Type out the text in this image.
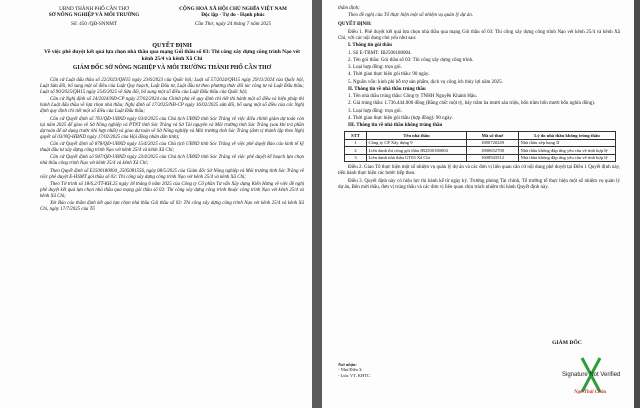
UBND THÀNH PHỐ CẦN THƠ
SỞ NÔNG NGHIỆP VÀ MÔI TRƯỜNG
Số: 450 /QĐ-SNNMT
CỘNG HOÀ XÃ HỘI CHỦ NGHĨA VIỆT NAM
Độc lập - Tự do - Hạnh phúc
Cần Thơ, ngày 24 tháng 7 năm 2025
QUYẾT ĐỊNH
Về việc phê duyệt kết quả lựa chọn nhà thầu qua mạng Gói thầu số 03: Thi công xây dựng công trình Nạo vét kênh 25/4 và kênh Xã Chi
GIÁM ĐỐC SỞ NÔNG NGHIỆP VÀ MÔI TRƯỜNG THÀNH PHỐ CẦN THƠ

Căn cứ Luật đấu thầu số 22/2023/QH15 ngày 23/6/2023 của Quốc hội; Luật số 57/2024/QH15 ngày 29/11/2024 của Quốc hội, Luật Sửa đổi, bổ sung một số điều của Luật Quy hoạch, Luật Đầu tư, Luật đầu tư theo phương thức đối tác công tư và Luật Đấu thầu; Luật số 90/2025/QH15 ngày 25/6/2025 về Sửa đổi, bổ sung một số điều của Luật Đấu thầu của Quốc hội;

Căn cứ Nghị định số 24/2024/NĐ-CP ngày 27/02/2024 của Chính phủ về quy định chi tiết thi hành một số điều và biện pháp thi hành Luật đấu thầu về lựa chọn nhà thầu; Nghị định số 17/2025/NĐ-CP ngày 16/02/2025 sửa đổi, bổ sung một số điều của các Nghị định quy định chi tiết một số điều của Luật Đấu thầu;

Căn cứ Quyết định số 761/QĐ-UBND ngày 03/4/2025 của Chủ tịch UBND tỉnh Sóc Trăng về việc điều chỉnh giảm dự toán còn lại năm 2025 để giao về Sở Nông nghiệp và PTNT tỉnh Sóc Trăng và Sở Tài nguyên và Môi trường tỉnh Sóc Trăng (sau khi trả phần dự toán để sử dụng trước khi hợp nhất) và giao dự toán về Sở Nông nghiệp và Môi trường tỉnh Sóc Trăng (đơn vị thành lập theo Nghị quyết số 03/NQ-HĐND ngày 17/02/2025 của Hội đồng nhân dân tỉnh);

Căn cứ Quyết định số 878/QĐ-UBND ngày 15/4/2025 của Chủ tịch UBND tỉnh Sóc Trăng về việc phê duyệt Báo cáo kinh tế kỹ thuật đầu tư xây dựng công trình Nạo vét kênh 25/4 và kênh Xã Chi;

Căn cứ Quyết định số 947/QĐ-UBND ngày 23/4/2025 của Chủ tịch UBND tỉnh Sóc Trăng về việc phê duyệt kế hoạch lựa chọn nhà thầu công trình Nạo vét kênh 25/4 và kênh Xã Chi;

Theo Quyết định số E2500180004_2505081556, ngày 08/5/2025 của Giám đốc Sở Nông nghiệp và Môi trường tỉnh Sóc Trăng về việc phê duyệt E-HSMT gói thầu số 03: Thi công xây dựng công trình Nạo vét kênh 25/4 và kênh Xã Chi;

Theo Tờ trình số 18/6.2/TT-KH.25 ngày 18 tháng 6 năm 2025 của Công ty Cổ phần Tư vấn Xây dựng Kiến Hưng về việc đề nghị phê duyệt kết quả lựa chọn nhà thầu qua mạng gói thầu số 03: Thi công xây dựng công trình thuộc công trình Nạo vét kênh 25/4 và kênh Xã Chi;

Xét Báo cáo thẩm định kết quả lựa chọn nhà thầu Gói thầu số 03: Thi công xây dựng công trình Nạo vét kênh 25/4 và kênh Xã Chi, ngày 17/7/2025 của Tổ

thẩm định;

Theo đề nghị của Tổ thực hiện một số nhiệm vụ quản lý dự án.

QUYẾT ĐỊNH:

Điều 1. Phê duyệt kết quả lựa chọn nhà thầu qua mạng Gói thầu số 03: Thi công xây dựng công trình Nạo vét kênh 25/4 và kênh Xã Chi, với các nội dung chủ yếu như sau:

I. Thông tin gói thầu

1. Số E-TBMT: IB2500180004.

2. Tên gói thầu: Gói thầu số 03: Thi công xây dựng công trình.

3. Loại hợp đồng: trọn gói.

4. Thời gian thực hiện gói thầu: 90 ngày.

5. Nguồn vốn: kinh phí hỗ trợ sản phẩm, dịch vụ công ích thủy lợi năm 2025.

II. Thông tin về nhà thầu trúng thầu

1. Tên nhà thầu trúng thầu: Công ty TNHH Nguyễn Khánh Hậu.

2. Giá trúng thầu: 1.736.444.000 đồng (Bằng chữ: một tỷ, bảy trăm ba mươi sáu triệu, bốn trăm bốn mươi bốn nghìn đồng).

3. Loại hợp đồng: trọn gói.

4. Thời gian thực hiện gói thầu (hợp đồng): 90 ngày.

III. Thông tin về nhà thầu không trúng thầu

STT	Tên nhà thầu	Mã số thuế	Lý do nhà thầu không trúng thầu
1	Công ty CP Xây dựng 9	1800720249	Nhà thầu xếp hạng II
2	Liên danh thi công gói thầu IB2500180004	1800652700	Nhà thầu không đáp ứng yêu cầu về tính hợp lệ
3	Liên danh nhà thầu GT03 Xã Chi	1600943512	Nhà thầu không đáp ứng yêu cầu về tính hợp lệ

Điều 2. Giao Tổ thực hiện một số nhiệm vụ quản lý dự án và các đơn vị liên quan căn cứ nội dung phê duyệt tại Điều 1 Quyết định này, tiến hành thực hiện các bước tiếp theo.

Điều 3. Quyết định này có hiệu lực thi hành kể từ ngày ký. Trưởng phòng Tài chính, Tổ trưởng tổ thực hiện một số nhiệm vụ quản lý dự án, Bên mời thầu, đơn vị trúng thầu và các đơn vị liên quan chịu trách nhiệm thi hành Quyết định này.

GIÁM ĐỐC
Nơi nhận:
- Như Điều 3;
- Lưu: VT, KHTC.	Signature Not Verified
Ngô Thái Châu
